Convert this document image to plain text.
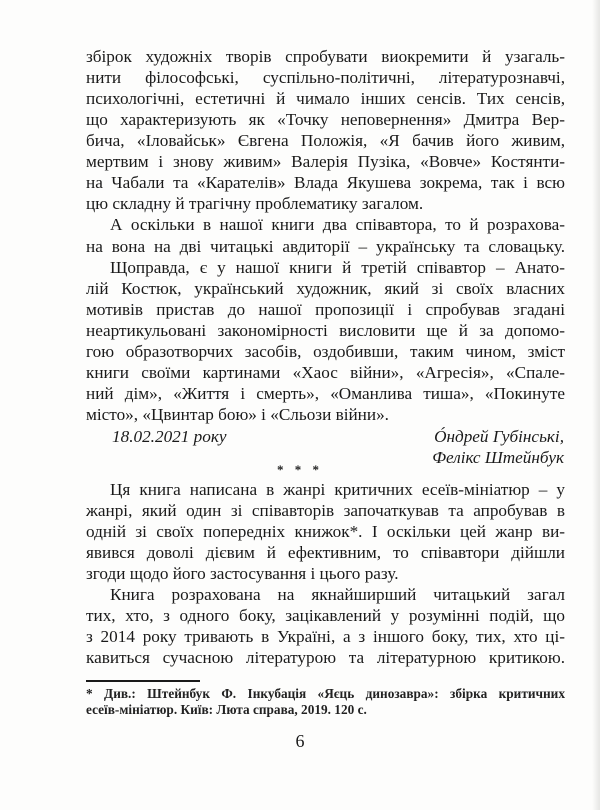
збірок художніх творів спробувати виокремити й узагаль-
нити філософські, суспільно-політичні, літературознавчі,
психологічні, естетичні й чимало інших сенсів. Тих сенсів,
що характеризують як «Точку неповернення» Дмитра Вер-
бича, «Іловайськ» Євгена Положія, «Я бачив його живим,
мертвим і знову живим» Валерія Пузіка, «Вовче» Костянти-
на Чабали та «Карателів» Влада Якушева зокрема, так і всю
цю складну й трагічну проблематику загалом.
А оскільки в нашої книги два співавтора, то й розрахова-
на вона на дві читацькі авдиторії – українську та словацьку.
Щоправда, є у нашої книги й третій співавтор – Анато-
лій Костюк, український художник, який зі своїх власних
мотивів пристав до нашої пропозиції і спробував згадані
неартикульовані закономірності висловити ще й за допомо-
гою образотворчих засобів, оздобивши, таким чином, зміст
книги своїми картинами «Хаос війни», «Агресія», «Спале-
ний дім», «Життя і смерть», «Оманлива тиша», «Покинуте
місто», «Цвинтар бою» і «Сльози війни».
18.02.2021 року	Óндрей Губінські,
Фелікс Штейнбук
* * *
Ця книга написана в жанрі критичних есеїв-мініатюр – у
жанрі, який один зі співавторів започаткував та апробував в
одній зі своїх попередніх книжок*. І оскільки цей жанр ви-
явився доволі дієвим й ефективним, то співавтори дійшли
згоди щодо його застосування і цього разу.
Книга розрахована на якнайширший читацький загал
тих, хто, з одного боку, зацікавлений у розумінні подій, що
з 2014 року тривають в Україні, а з іншого боку, тих, хто ці-
кавиться сучасною літературою та літературною критикою.
* Див.: Штейнбук Ф. Інкубація «Яєць динозавра»: збірка критичних
есеїв-мініатюр. Київ: Люта справа, 2019. 120 с.
6
